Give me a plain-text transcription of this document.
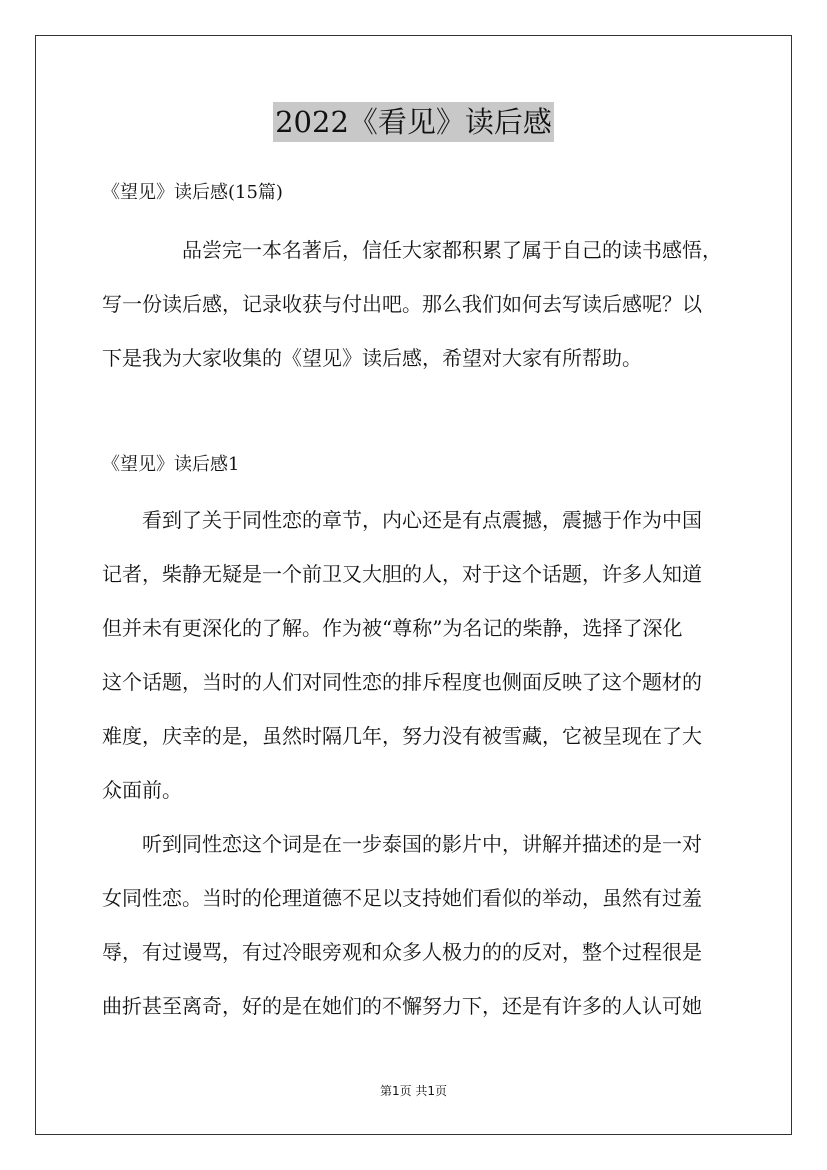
2022《看见》读后感
《望见》读后感(15篇)
品尝完一本名著后，信任大家都积累了属于自己的读书感悟，
写一份读后感，记录收获与付出吧。那么我们如何去写读后感呢？以
下是我为大家收集的《望见》读后感，希望对大家有所帮助。
《望见》读后感1
看到了关于同性恋的章节，内心还是有点震撼，震撼于作为中国
记者，柴静无疑是一个前卫又大胆的人，对于这个话题，许多人知道
但并未有更深化的了解。作为被“尊称”为名记的柴静，选择了深化
这个话题，当时的人们对同性恋的排斥程度也侧面反映了这个题材的
难度，庆幸的是，虽然时隔几年，努力没有被雪藏，它被呈现在了大
众面前。
听到同性恋这个词是在一步泰国的影片中，讲解并描述的是一对
女同性恋。当时的伦理道德不足以支持她们看似的举动，虽然有过羞
辱，有过谩骂，有过冷眼旁观和众多人极力的的反对，整个过程很是
曲折甚至离奇，好的是在她们的不懈努力下，还是有许多的人认可她
第1页 共1页
